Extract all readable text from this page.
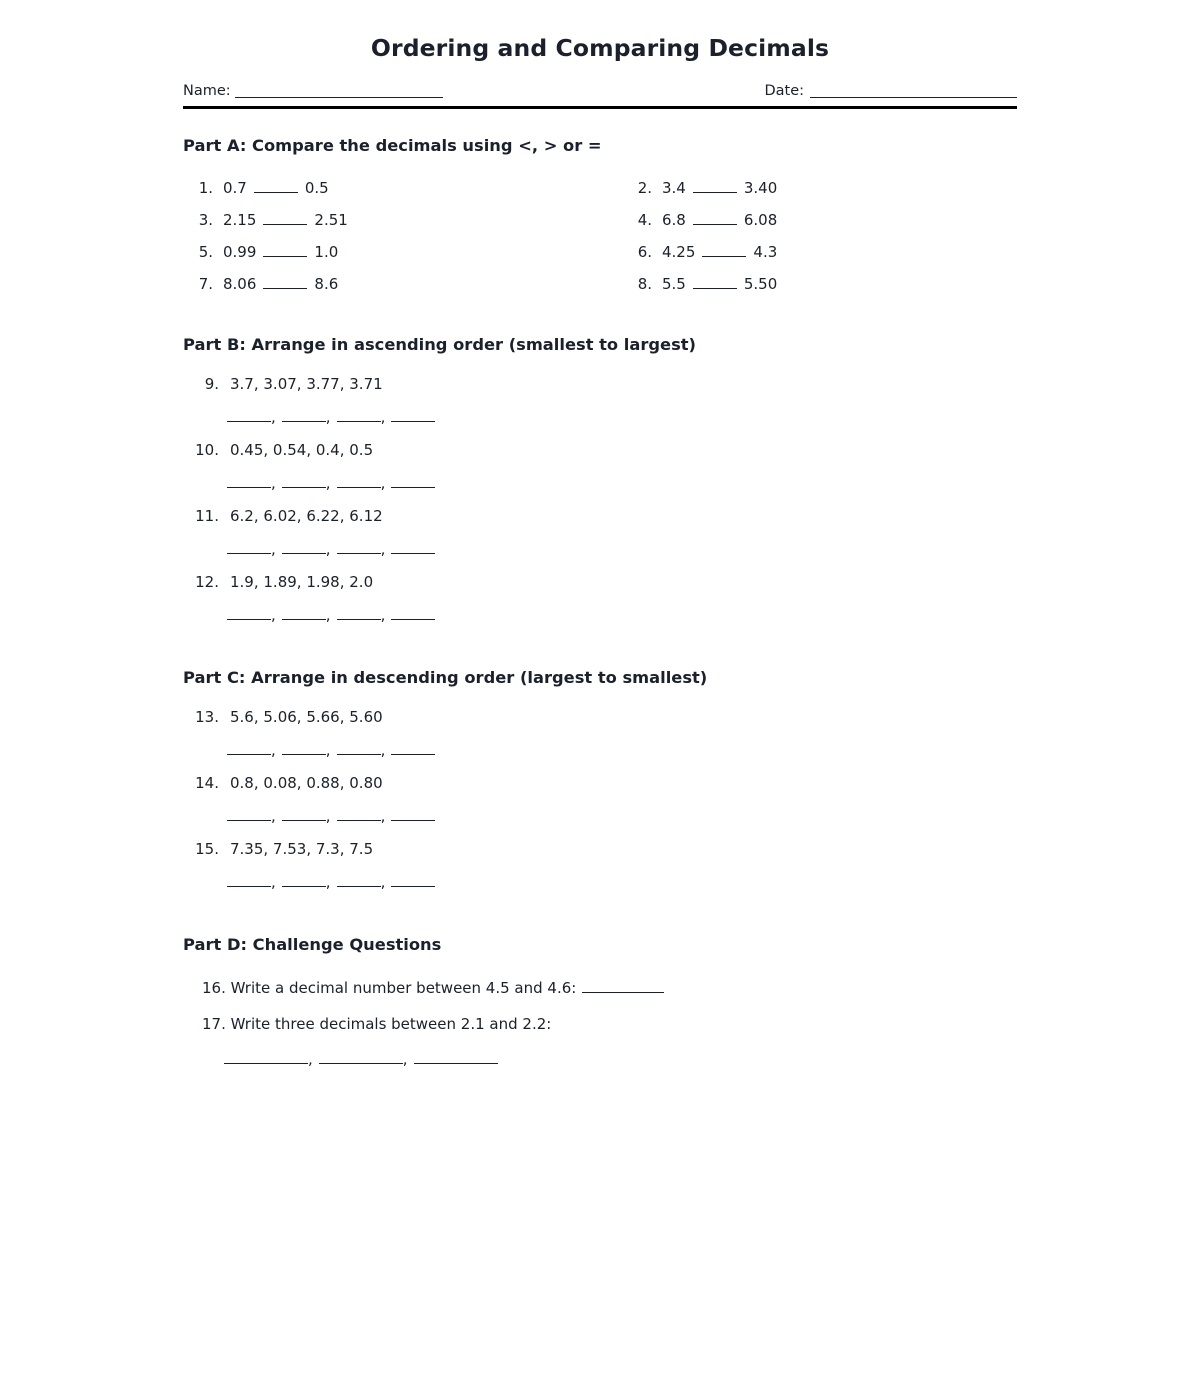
Ordering and Comparing Decimals
Name:	Date:
Part A: Compare the decimals using <, > or =
1. 0.7	0.5	2. 3.4	3.40
3. 2.15	2.51	4. 6.8	6.08
5. 0.99	1.0	6. 4.25	4.3
7. 8.06	8.6	8. 5.5	5.50
Part B: Arrange in ascending order (smallest to largest)
9. 3.7, 3.07, 3.77, 3.71
,	,	,
10. 0.45, 0.54, 0.4, 0.5
,	,	,
11. 6.2, 6.02, 6.22, 6.12
,	,	,
12. 1.9, 1.89, 1.98, 2.0
,	,	,
Part C: Arrange in descending order (largest to smallest)
13. 5.6, 5.06, 5.66, 5.60
,	,	,
14. 0.8, 0.08, 0.88, 0.80
,	,	,
15. 7.35, 7.53, 7.3, 7.5
,	,	,
Part D: Challenge Questions
16. Write a decimal number between 4.5 and 4.6:
17. Write three decimals between 2.1 and 2.2:
,	,
